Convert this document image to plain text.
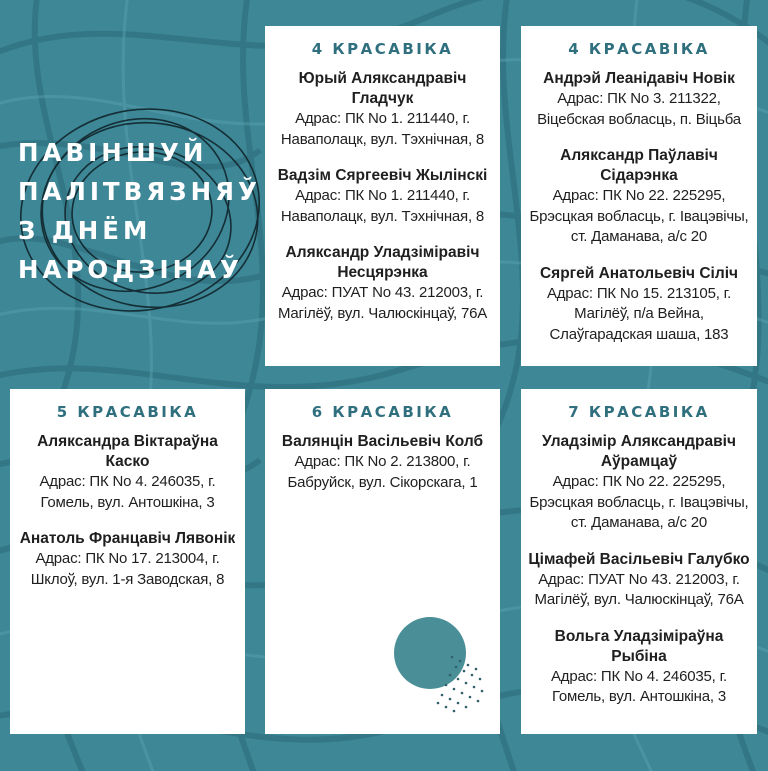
ПАВІНШУЙ
ПАЛІТВЯЗНЯЎ
З ДНЁМ
НАРОДЗІНАЎ
4 КРАСАВІКА
Юрый Аляксандравіч Гладчук
Адрас: ПК No 1. 211440, г. Наваполацк, вул. Тэхнічная, 8
Вадзім Сяргеевіч Жылінскі
Адрас: ПК No 1. 211440, г. Наваполацк, вул. Тэхнічная, 8
Аляксандр Уладзіміравіч Несцярэнка
Адрас: ПУАТ No 43. 212003, г. Магілёў, вул. Чалюскінцаў, 76А
4 КРАСАВІКА
Андрэй Леанідавіч Новік
Адрас: ПК No 3. 211322, Віцебская вобласць, п. Віцьба
Аляксандр Паўлавіч Сідарэнка
Адрас: ПК No 22. 225295, Брэсцкая вобласць, г. Івацэвічы, ст. Даманава, а/с 20
Сяргей Анатольевіч Сіліч
Адрас: ПК No 15. 213105, г. Магілёў, п/а Вейна, Слаўгарадская шаша, 183
5 КРАСАВІКА
Аляксандра Віктараўна Каско
Адрас: ПК No 4. 246035, г. Гомель, вул. Антошкіна, 3
Анатоль Францавіч Лявонік
Адрас: ПК No 17. 213004, г. Шклоў, вул. 1-я Заводская, 8
6 КРАСАВІКА
Валянцін Васільевіч Колб
Адрас: ПК No 2. 213800, г. Бабруйск, вул. Сікорскага, 1
7 КРАСАВІКА
Уладзімір Аляксандравіч Аўрамцаў
Адрас: ПК No 22. 225295, Брэсцкая вобласць, г. Івацэвічы, ст. Даманава, а/с 20
Цімафей Васільевіч Галубко
Адрас: ПУАТ No 43. 212003, г. Магілёў, вул. Чалюскінцаў, 76А
Вольга Уладзіміраўна Рыбіна
Адрас: ПК No 4. 246035, г. Гомель, вул. Антошкіна, 3
